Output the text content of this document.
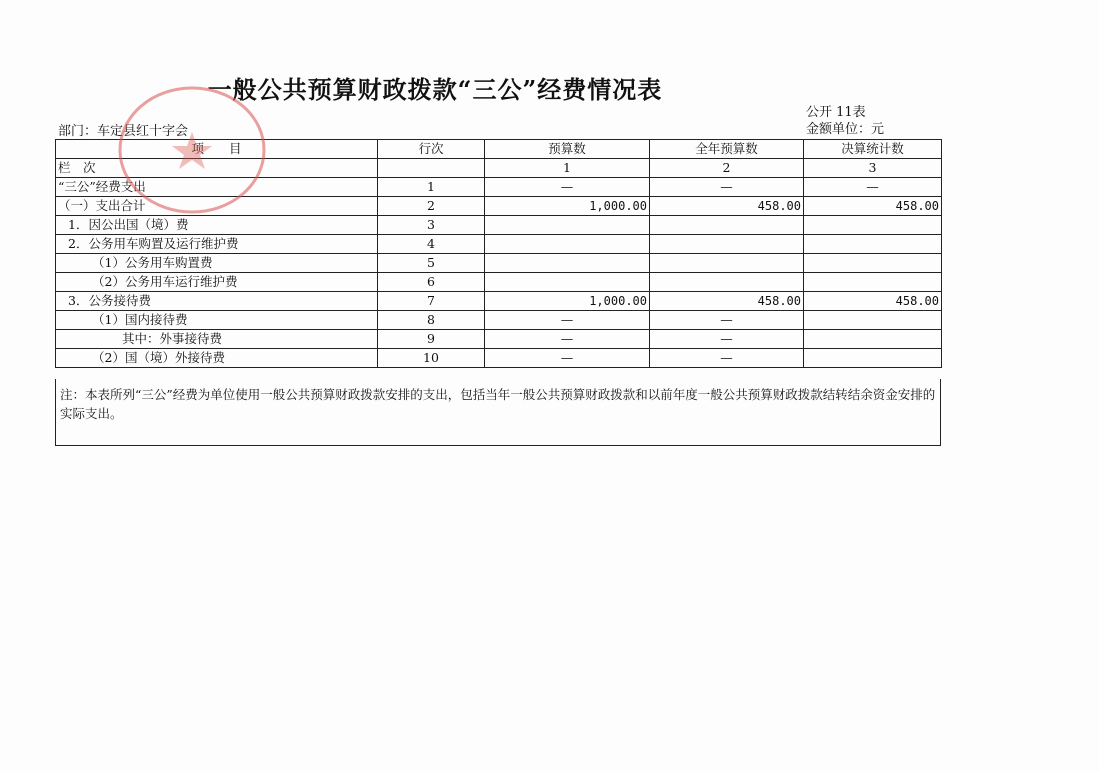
一般公共预算财政拨款“三公”经费情况表
公开 11表
金额单位：元
部门：车定县红十字会
项　　目	行次	预算数	全年预算数	决算统计数
栏　次		1	2	3
“三公”经费支出	1	—	—	—
（一）支出合计	2	1,000.00	458.00	458.00
1．因公出国（境）费	3			
2．公务用车购置及运行维护费	4			
（1）公务用车购置费	5			
（2）公务用车运行维护费	6			
3．公务接待费	7	1,000.00	458.00	458.00
（1）国内接待费	8	—	—	
其中：外事接待费	9	—	—	
（2）国（境）外接待费	10	—	—	
注：本表所列“三公”经费为单位使用一般公共预算财政拨款安排的支出，包括当年一般公共预算财政拨款和以前年度一般公共预算财政拨款结转结余资金安排的实际支出。
